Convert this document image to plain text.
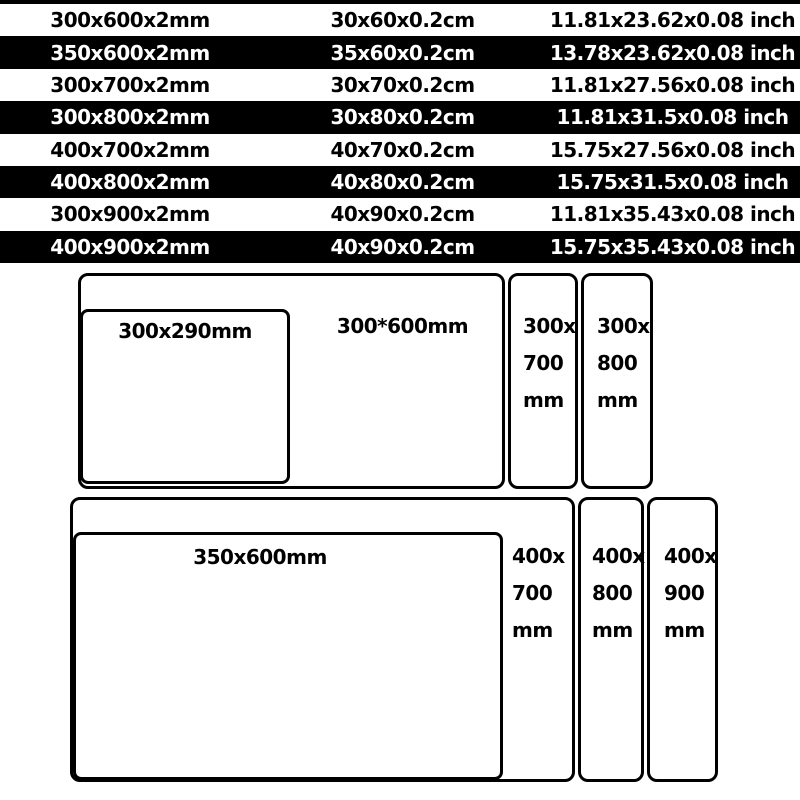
300x600x2mm	30x60x0.2cm	11.81x23.62x0.08 inch
350x600x2mm	35x60x0.2cm	13.78x23.62x0.08 inch
300x700x2mm	30x70x0.2cm	11.81x27.56x0.08 inch
300x800x2mm	30x80x0.2cm	11.81x31.5x0.08 inch
400x700x2mm	40x70x0.2cm	15.75x27.56x0.08 inch
400x800x2mm	40x80x0.2cm	15.75x31.5x0.08 inch
300x900x2mm	40x90x0.2cm	11.81x35.43x0.08 inch
400x900x2mm	40x90x0.2cm	15.75x35.43x0.08 inch
300x290mm	300*600mm	300x
700
mm
300x
800
mm
350x600mm	400x
700
mm
400x
800
mm
400x
900
mm
